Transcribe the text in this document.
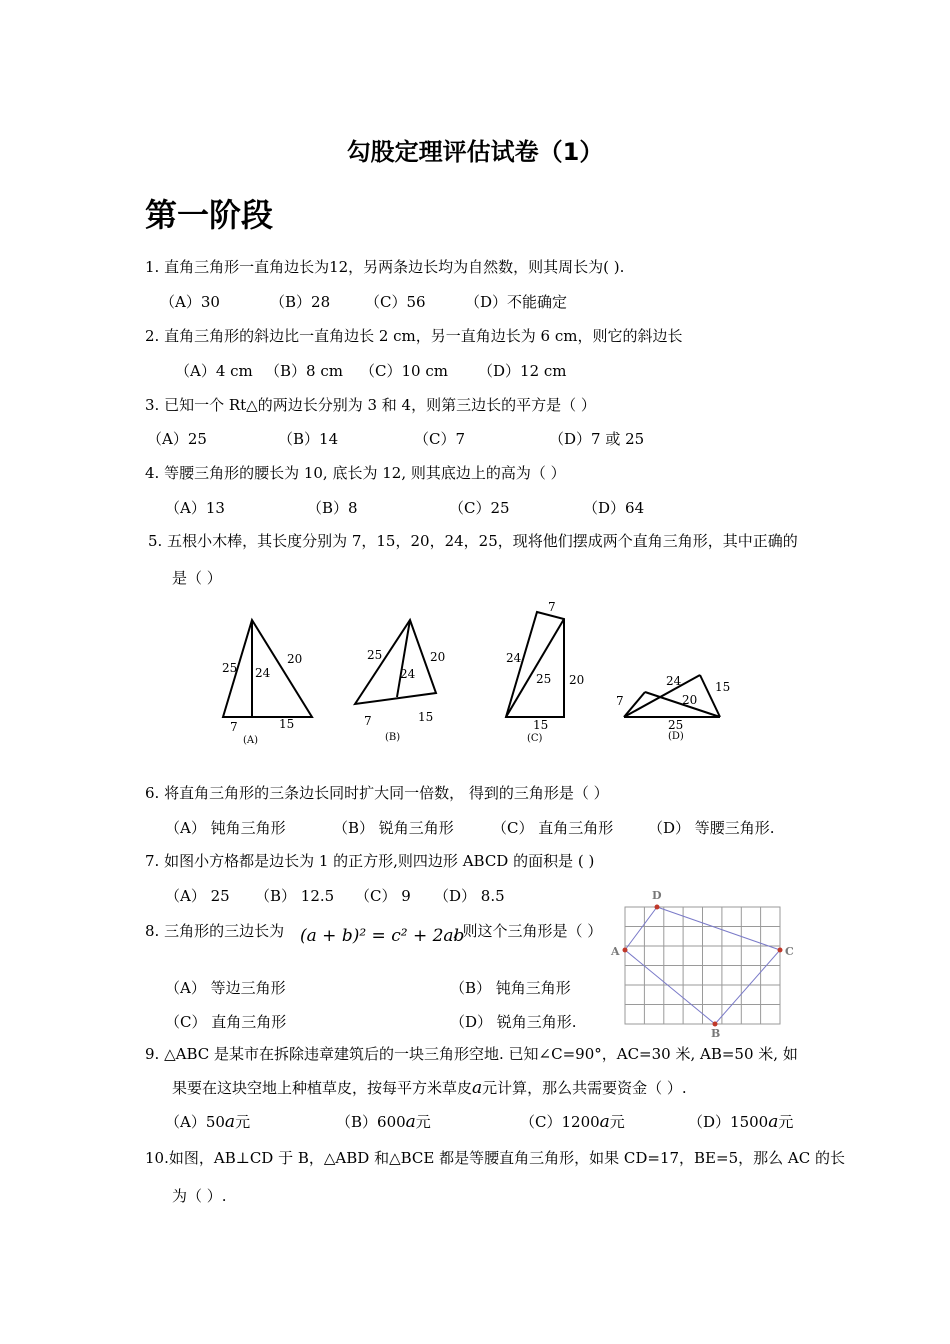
勾股定理评估试卷（1）
第一阶段
1. 直角三角形一直角边长为12，另两条边长均为自然数，则其周长为( ).
（A）30	（B）28 （C）56	（D）不能确定
2. 直角三角形的斜边比一直角边长 2 cm，另一直角边长为 6 cm，则它的斜边长
（A）4 cm （B）8 cm （C）10 cm （D）12 cm
3. 已知一个 Rt△的两边长分别为 3 和 4，则第三边长的平方是（ ）
（A）25	（B）14	（C）7	（D）7 或 25
4. 等腰三角形的腰长为 10, 底长为 12, 则其底边上的高为（ ）
（A）13	（B）8	（C）25	（D）64
5. 五根小木棒，其长度分别为 7，15，20，24，25，现将他们摆成两个直角三角形，其中正确的
是（ ）
25 24
20
7	15
(A)
25	20
24
7	15
(B)
7
24
25 20
15
(C)
7
24
20
15
25
(D)
6. 将直角三角形的三条边长同时扩大同一倍数， 得到的三角形是（ ）
（A） 钝角三角形	（B） 锐角三角形	（C） 直角三角形 （D） 等腰三角形.
7. 如图小方格都是边长为 1 的正方形,则四边形 ABCD 的面积是 ( )
（A） 25 （B） 12.5 （C） 9 （D） 8.5	D
A	C
B
8. 三角形的三边长为 (a + b)² = c² + 2ab
, 则这个三角形是（ ）
（A） 等边三角形	（B） 钝角三角形
（C） 直角三角形	（D） 锐角三角形.
9. △ABC 是某市在拆除违章建筑后的一块三角形空地. 已知∠C=90°，AC=30 米, AB=50 米, 如
果要在这块空地上种植草皮，按每平方米草皮a元计算，那么共需要资金（ ）.
（A）50a元	（B）600a元	（C）1200a元	（D）1500a元
10.如图，AB⊥CD 于 B，△ABD 和△BCE 都是等腰直角三角形，如果 CD=17，BE=5，那么 AC 的长
为（ ）.
